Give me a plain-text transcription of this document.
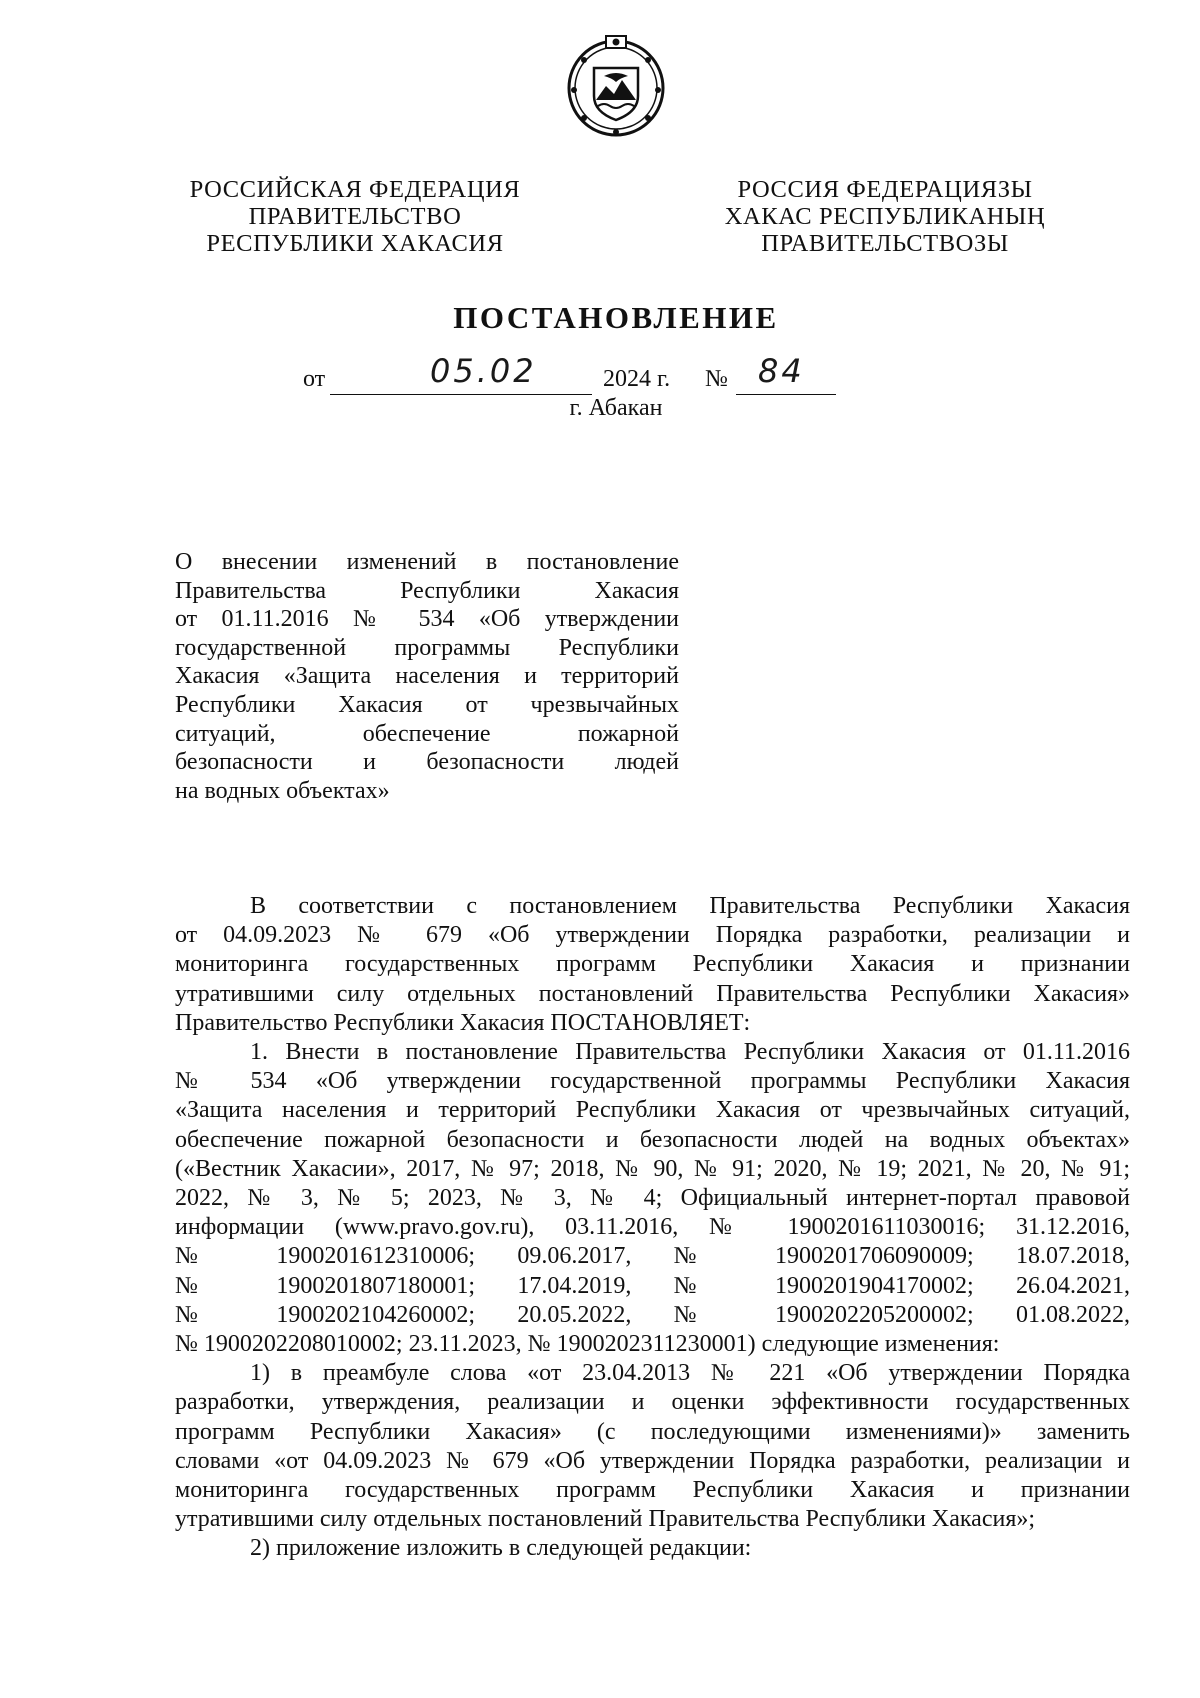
РОССИЙСКАЯ ФЕДЕРАЦИЯ
ПРАВИТЕЛЬСТВО
РЕСПУБЛИКИ ХАКАСИЯ
РОССИЯ ФЕДЕРАЦИЯЗЫ
ХАКАС РЕСПУБЛИКАНЫҢ
ПРАВИТЕЛЬСТВОЗЫ
ПОСТАНОВЛЕНИЕ
от	05.02	2024 г. № 84
г. Абакан
О внесении изменений в постановление
Правительства Республики Хакасия
от 01.11.2016 № 534 «Об утверждении
государственной программы Республики
Хакасия «Защита населения и территорий
Республики Хакасия от чрезвычайных
ситуаций, обеспечение пожарной
безопасности и безопасности людей
на водных объектах»
В соответствии с постановлением Правительства Республики Хакасия
от 04.09.2023 № 679 «Об утверждении Порядка разработки, реализации и
мониторинга государственных программ Республики Хакасия и признании
утратившими силу отдельных постановлений Правительства Республики Хакасия»
Правительство Республики Хакасия ПОСТАНОВЛЯЕТ:
1. Внести в постановление Правительства Республики Хакасия от 01.11.2016
№ 534 «Об утверждении государственной программы Республики Хакасия
«Защита населения и территорий Республики Хакасия от чрезвычайных ситуаций,
обеспечение пожарной безопасности и безопасности людей на водных объектах»
(«Вестник Хакасии», 2017, № 97; 2018, № 90, № 91; 2020, № 19; 2021, № 20, № 91;
2022, № 3, № 5; 2023, № 3, № 4; Официальный интернет-портал правовой
информации (www.pravo.gov.ru), 03.11.2016, № 1900201611030016; 31.12.2016,
№ 1900201612310006; 09.06.2017, № 1900201706090009; 18.07.2018,
№ 1900201807180001; 17.04.2019, № 1900201904170002; 26.04.2021,
№ 1900202104260002; 20.05.2022, № 1900202205200002; 01.08.2022,
№ 1900202208010002; 23.11.2023, № 1900202311230001) следующие изменения:
1) в преамбуле слова «от 23.04.2013 № 221 «Об утверждении Порядка
разработки, утверждения, реализации и оценки эффективности государственных
программ Республики Хакасия» (с последующими изменениями)» заменить
словами «от 04.09.2023 № 679 «Об утверждении Порядка разработки, реализации и
мониторинга государственных программ Республики Хакасия и признании
утратившими силу отдельных постановлений Правительства Республики Хакасия»;
2) приложение изложить в следующей редакции:
